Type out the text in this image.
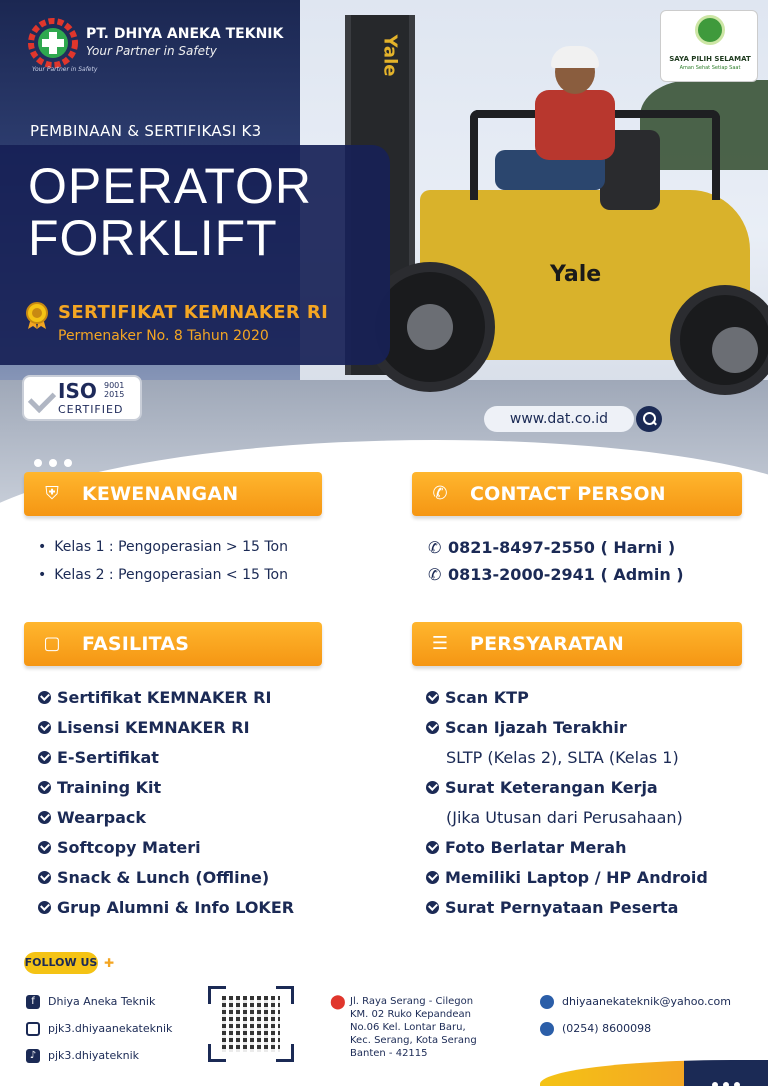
Yale
Yale
PT. DHIYA ANEKA TEKNIK
Your Partner in Safety
Your Partner in Safety
PEMBINAAN & SERTIFIKASI K3
OPERATOR
FORKLIFT
SERTIFIKAT KEMNAKER RI
Permenaker No. 8 Tahun 2020
ISO 9001
2015
CERTIFIED
SAYA PILIH SELAMAT
Aman Sehat Setiap Saat
www.dat.co.id
⛨ KEWENANGAN
• Kelas 1 : Pengoperasian > 15 Ton
• Kelas 2 : Pengoperasian < 15 Ton
✆ CONTACT PERSON
✆ 0821-8497-2550 ( Harni )
✆ 0813-2000-2941 ( Admin )
▢ FASILITAS
Sertifikat KEMNAKER RI
Lisensi KEMNAKER RI
E-Sertifikat
Training Kit
Wearpack
Softcopy Materi
Snack & Lunch (Offline)
Grup Alumni & Info LOKER
☰ PERSYARATAN
Scan KTP
Scan Ijazah Terakhir
SLTP (Kelas 2), SLTA (Kelas 1)
Surat Keterangan Kerja
(Jika Utusan dari Perusahaan)
Foto Berlatar Merah
Memiliki Laptop / HP Android
Surat Pernyataan Peserta
FOLLOW US ✚
f Dhiya Aneka Teknik
pjk3.dhiyaanekateknik
♪ pjk3.dhiyateknik
⬤ Jl. Raya Serang - Cilegon
KM. 02 Ruko Kepandean
No.06 Kel. Lontar Baru,
Kec. Serang, Kota Serang
Banten - 42115
dhiyaanekateknik@yahoo.com
(0254) 8600098
